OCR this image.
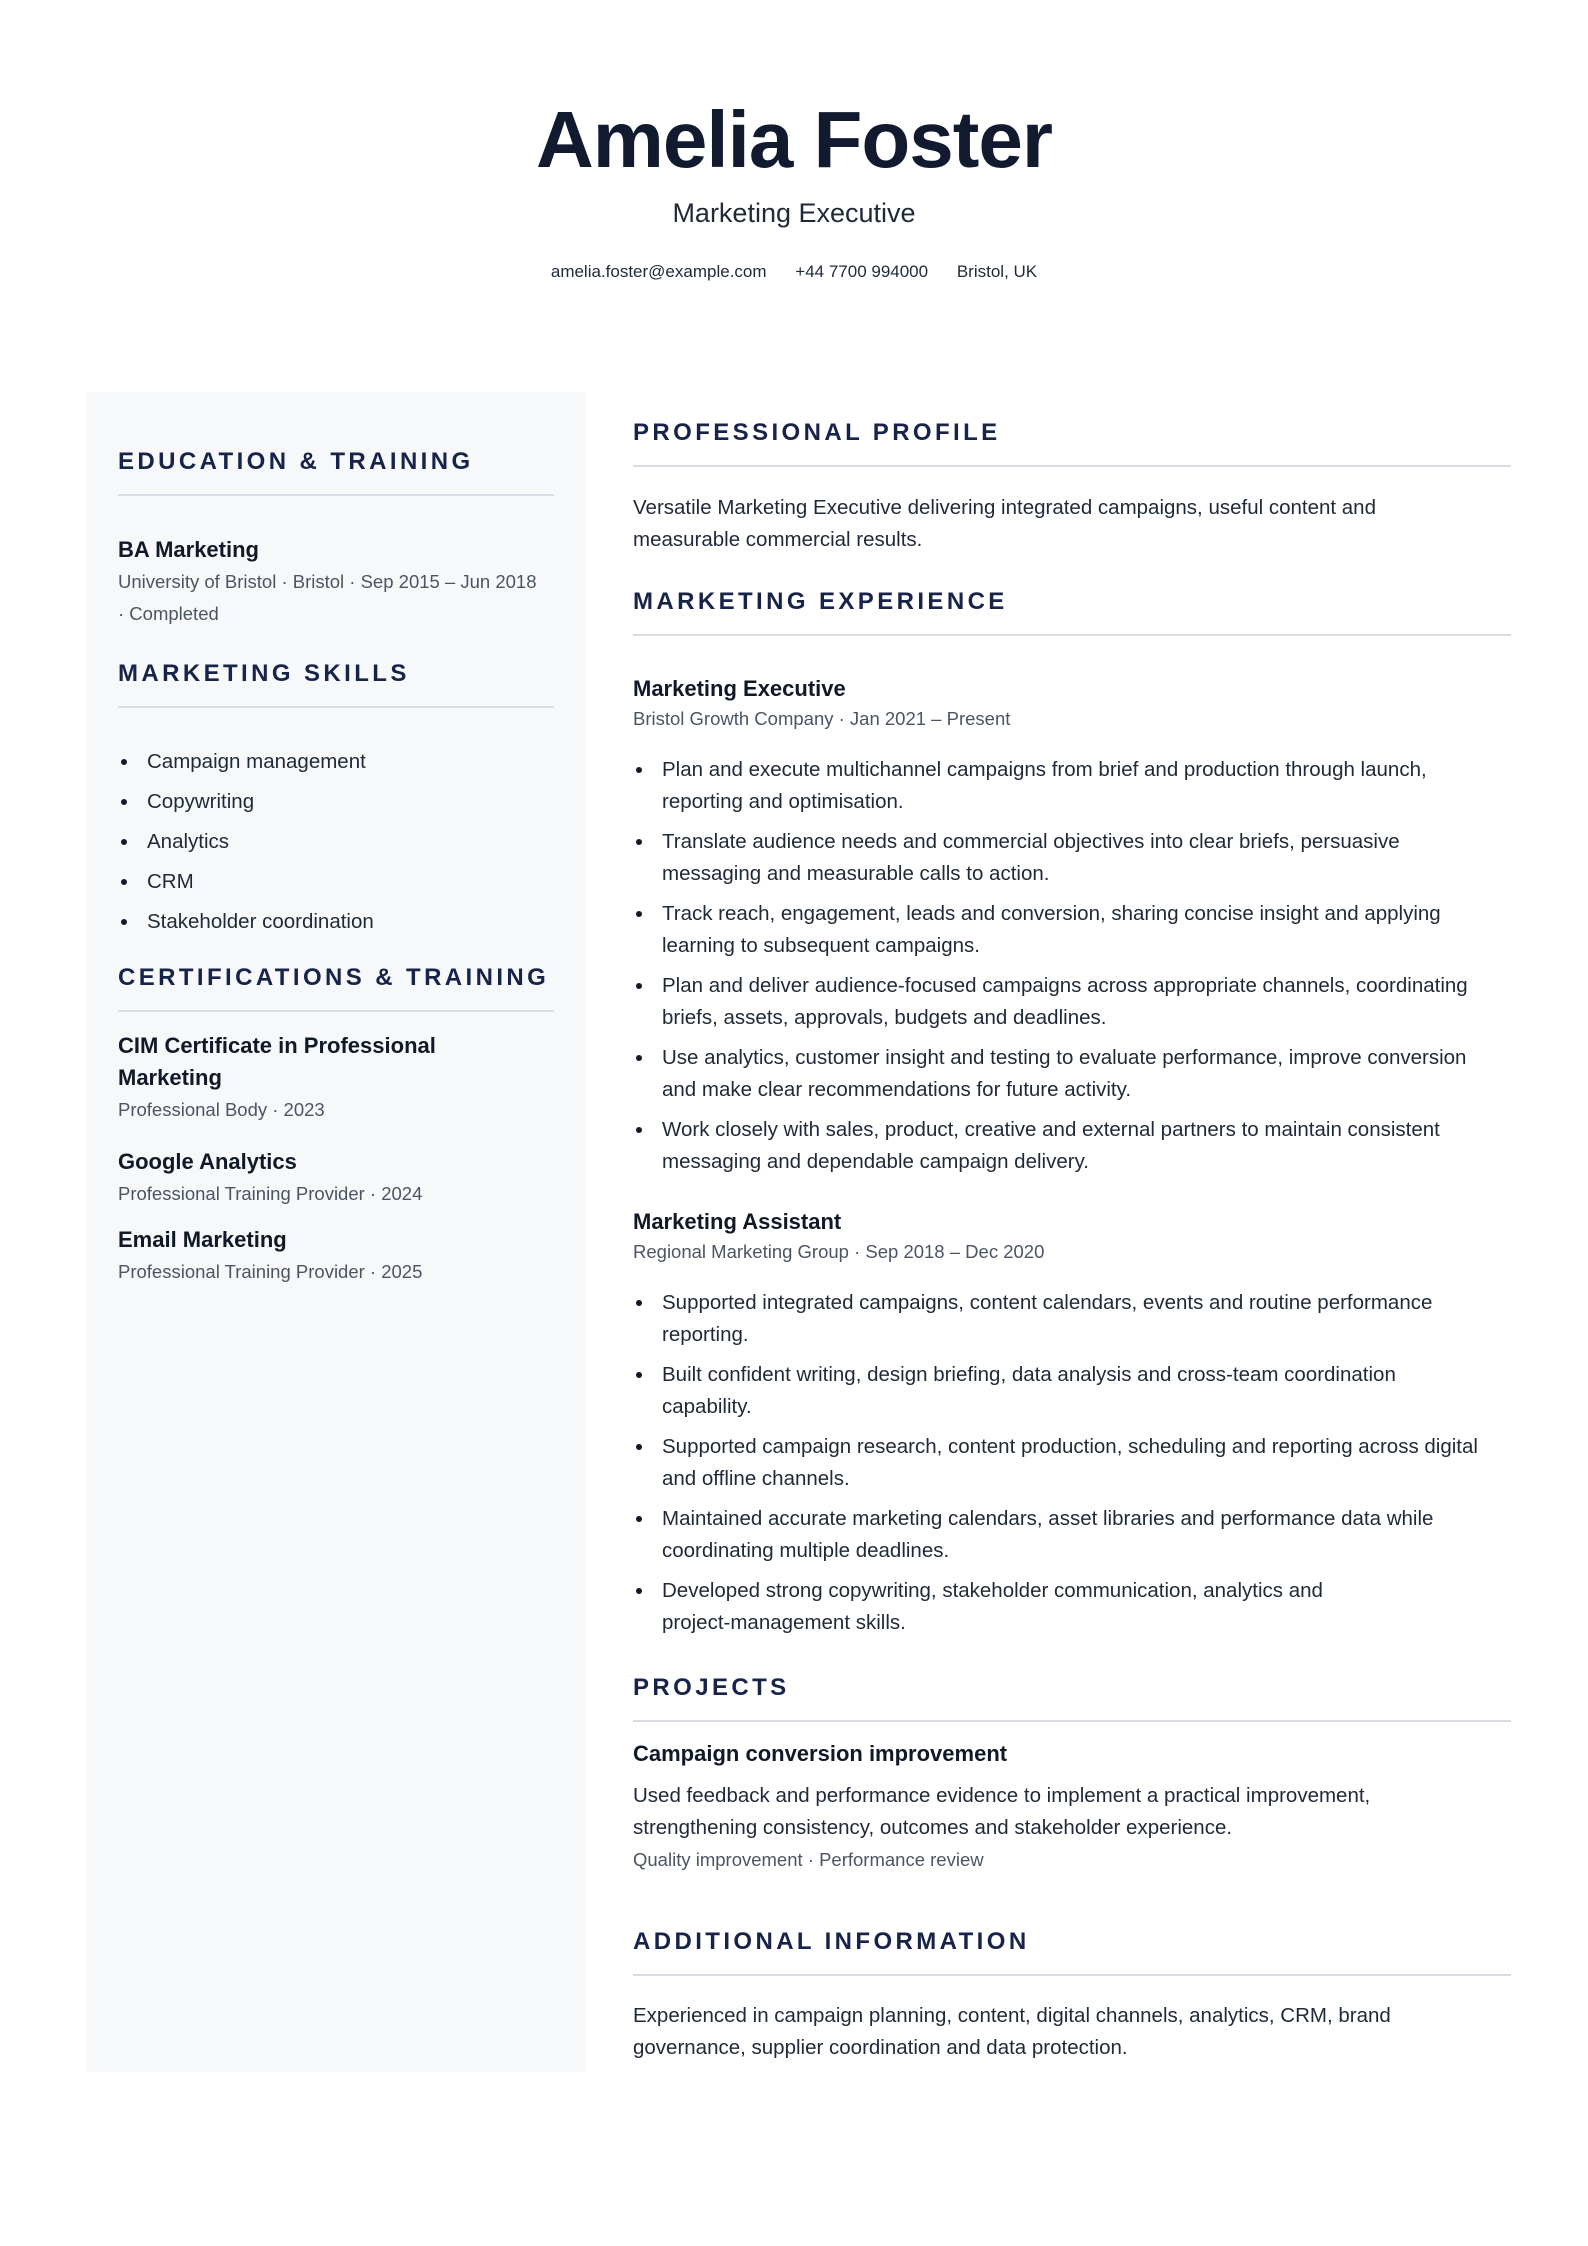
Amelia Foster
Marketing Executive
amelia.foster@example.com +44 7700 994000 Bristol, UK
EDUCATION & TRAINING
BA Marketing
University of Bristol · Bristol · Sep 2015 – Jun 2018
· Completed
MARKETING SKILLS
Campaign management
Copywriting
Analytics
CRM
Stakeholder coordination
CERTIFICATIONS & TRAINING
CIM Certificate in Professional
Marketing
Professional Body · 2023
Google Analytics
Professional Training Provider · 2024
Email Marketing
Professional Training Provider · 2025
PROFESSIONAL PROFILE
Versatile Marketing Executive delivering integrated campaigns, useful content and
measurable commercial results.
MARKETING EXPERIENCE
Marketing Executive
Bristol Growth Company · Jan 2021 – Present
Plan and execute multichannel campaigns from brief and production through launch,
reporting and optimisation.
Translate audience needs and commercial objectives into clear briefs, persuasive
messaging and measurable calls to action.
Track reach, engagement, leads and conversion, sharing concise insight and applying
learning to subsequent campaigns.
Plan and deliver audience-focused campaigns across appropriate channels, coordinating
briefs, assets, approvals, budgets and deadlines.
Use analytics, customer insight and testing to evaluate performance, improve conversion
and make clear recommendations for future activity.
Work closely with sales, product, creative and external partners to maintain consistent
messaging and dependable campaign delivery.
Marketing Assistant
Regional Marketing Group · Sep 2018 – Dec 2020
Supported integrated campaigns, content calendars, events and routine performance
reporting.
Built confident writing, design briefing, data analysis and cross-team coordination
capability.
Supported campaign research, content production, scheduling and reporting across digital
and offline channels.
Maintained accurate marketing calendars, asset libraries and performance data while
coordinating multiple deadlines.
Developed strong copywriting, stakeholder communication, analytics and
project-management skills.
PROJECTS
Campaign conversion improvement
Used feedback and performance evidence to implement a practical improvement,
strengthening consistency, outcomes and stakeholder experience.
Quality improvement · Performance review
ADDITIONAL INFORMATION
Experienced in campaign planning, content, digital channels, analytics, CRM, brand
governance, supplier coordination and data protection.
